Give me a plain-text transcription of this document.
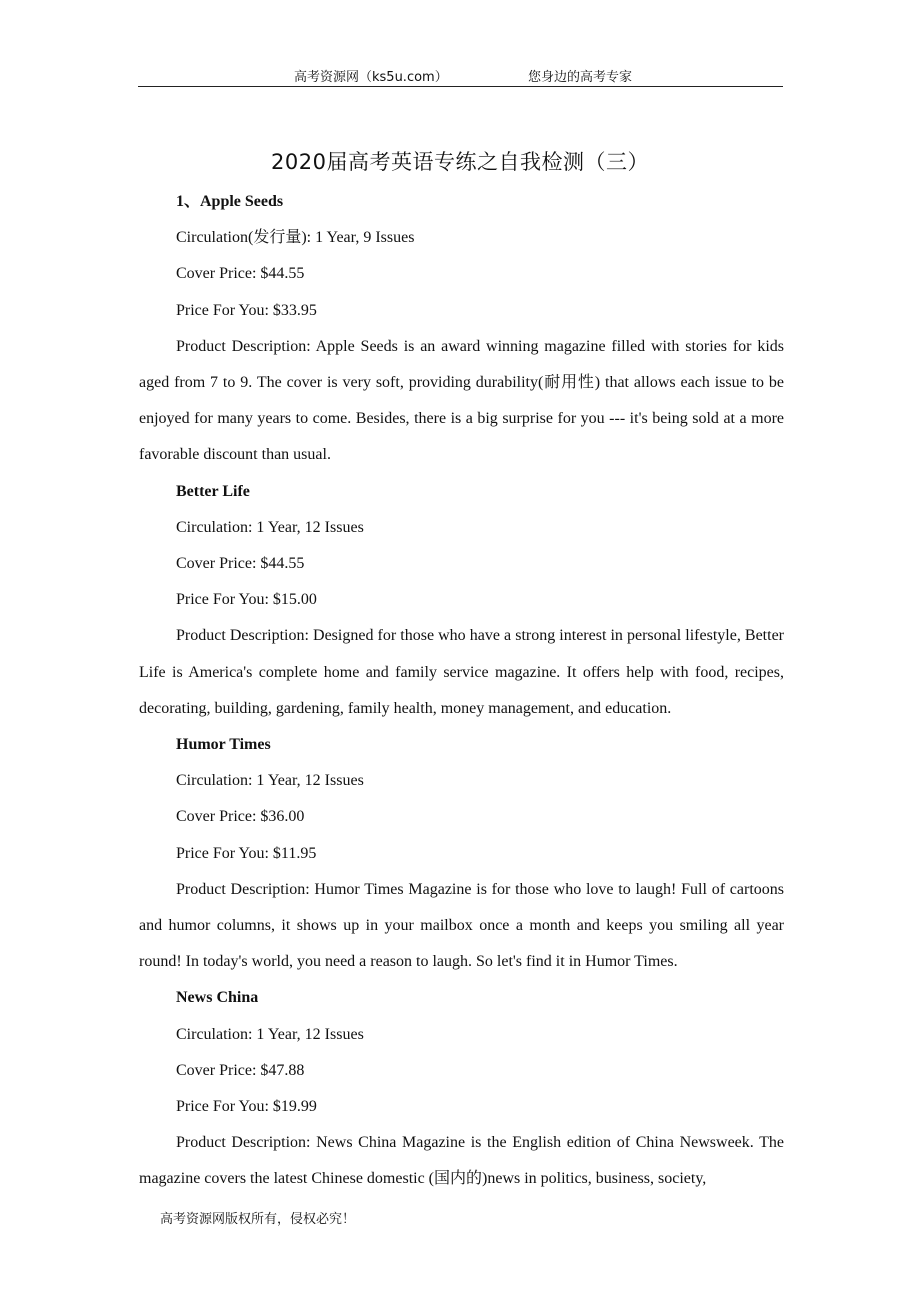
高考资源网（ks5u.com）	您身边的高考专家
2020届高考英语专练之自我检测（三）
1、Apple Seeds
Circulation(发行量): 1 Year, 9 Issues
Cover Price: $44.55
Price For You: $33.95
Product Description: Apple Seeds is an award winning magazine filled with stories for kids aged from 7 to 9. The cover is very soft, providing durability(耐用性) that allows each issue to be enjoyed for many years to come. Besides, there is a big surprise for you --- it's being sold at a more favorable discount than usual.
Better Life
Circulation: 1 Year, 12 Issues
Cover Price: $44.55
Price For You: $15.00
Product Description: Designed for those who have a strong interest in personal lifestyle, Better Life is America's complete home and family service magazine. It offers help with food, recipes, decorating, building, gardening, family health, money management, and education.
Humor Times
Circulation: 1 Year, 12 Issues
Cover Price: $36.00
Price For You: $11.95
Product Description: Humor Times Magazine is for those who love to laugh! Full of cartoons and humor columns, it shows up in your mailbox once a month and keeps you smiling all year round! In today's world, you need a reason to laugh. So let's find it in Humor Times.
News China
Circulation: 1 Year, 12 Issues
Cover Price: $47.88
Price For You: $19.99
Product Description: News China Magazine is the English edition of China Newsweek. The magazine covers the latest Chinese domestic (国内的)news in politics, business, society,
高考资源网版权所有，侵权必究！
